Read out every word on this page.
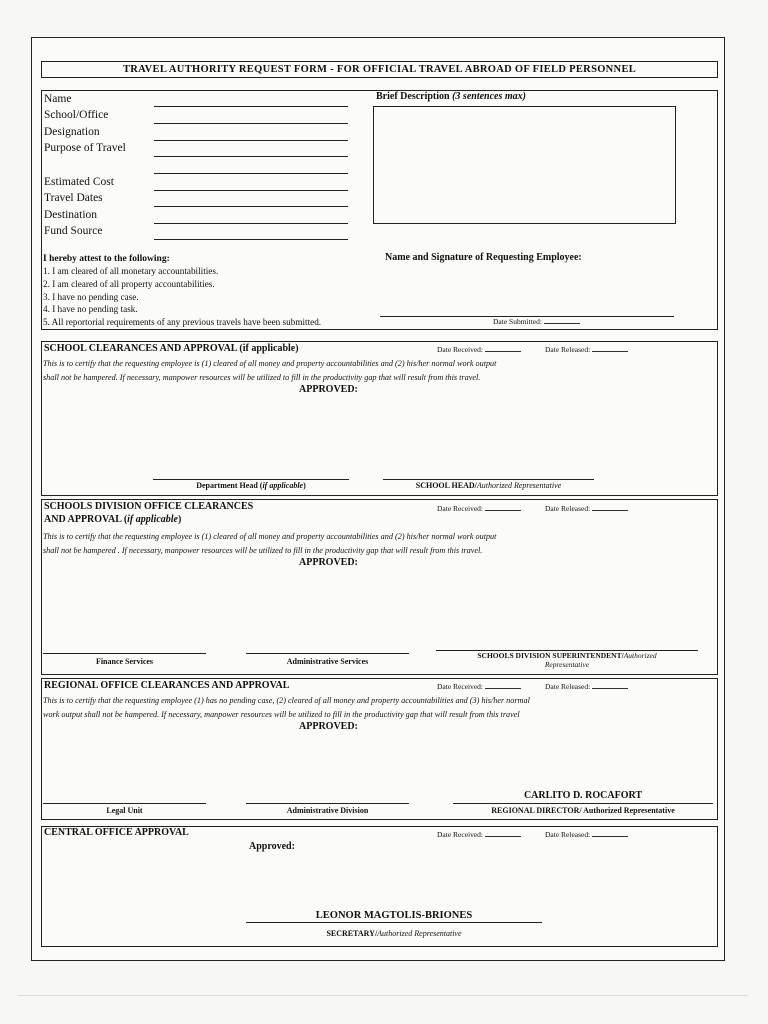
TRAVEL AUTHORITY REQUEST FORM - FOR OFFICIAL TRAVEL ABROAD OF FIELD PERSONNEL
Name
School/Office
Designation
Purpose of Travel
Estimated Cost
Travel Dates
Destination
Fund Source
Brief Description (3 sentences max)
I hereby attest to the following:
1. I am cleared of all monetary accountabilities.
2. I am cleared of all property accountabilities.
3. I have no pending case.
4. I have no pending task.
5. All reportorial requirements of any previous travels have been submitted.
Name and Signature of Requesting Employee:
Date Submitted:
SCHOOL CLEARANCES AND APPROVAL (if applicable)	Date Received:	Date Released:
This is to certify that the requesting employee is (1) cleared of all money and property accountabilities and (2) his/her normal work output
shall not be hampered. If necessary, manpower resources will be utilized to fill in the productivity gap that will result from this travel.
APPROVED:
Department Head (if applicable)	SCHOOL HEAD/Authorized Representative
SCHOOLS DIVISION OFFICE CLEARANCES
AND APPROVAL (if applicable)
Date Received:	Date Released:
This is to certify that the requesting employee is (1) cleared of all money and property accountabilities and (2) his/her normal work output
shall not be hampered . If necessary, manpower resources will be utilized to fill in the productivity gap that will result from this travel.
APPROVED:
Finance Services	Administrative Services
SCHOOLS DIVISION SUPERINTENDENT/Authorized
Representative
REGIONAL OFFICE CLEARANCES AND APPROVAL	Date Received:	Date Released:
This is to certify that the requesting employee (1) has no pending case, (2) cleared of all money and property accountabilities and (3) his/her normal
work output shall not be hampered. If necessary, manpower resources will be utilized to fill in the productivity gap that will result from this travel
APPROVED:
CARLITO D. ROCAFORT
Legal Unit	Administrative Division	REGIONAL DIRECTOR/ Authorized Representative
CENTRAL OFFICE APPROVAL	Date Received:	Date Released:
Approved:
LEONOR MAGTOLIS-BRIONES
SECRETARY/Authorized Representative
